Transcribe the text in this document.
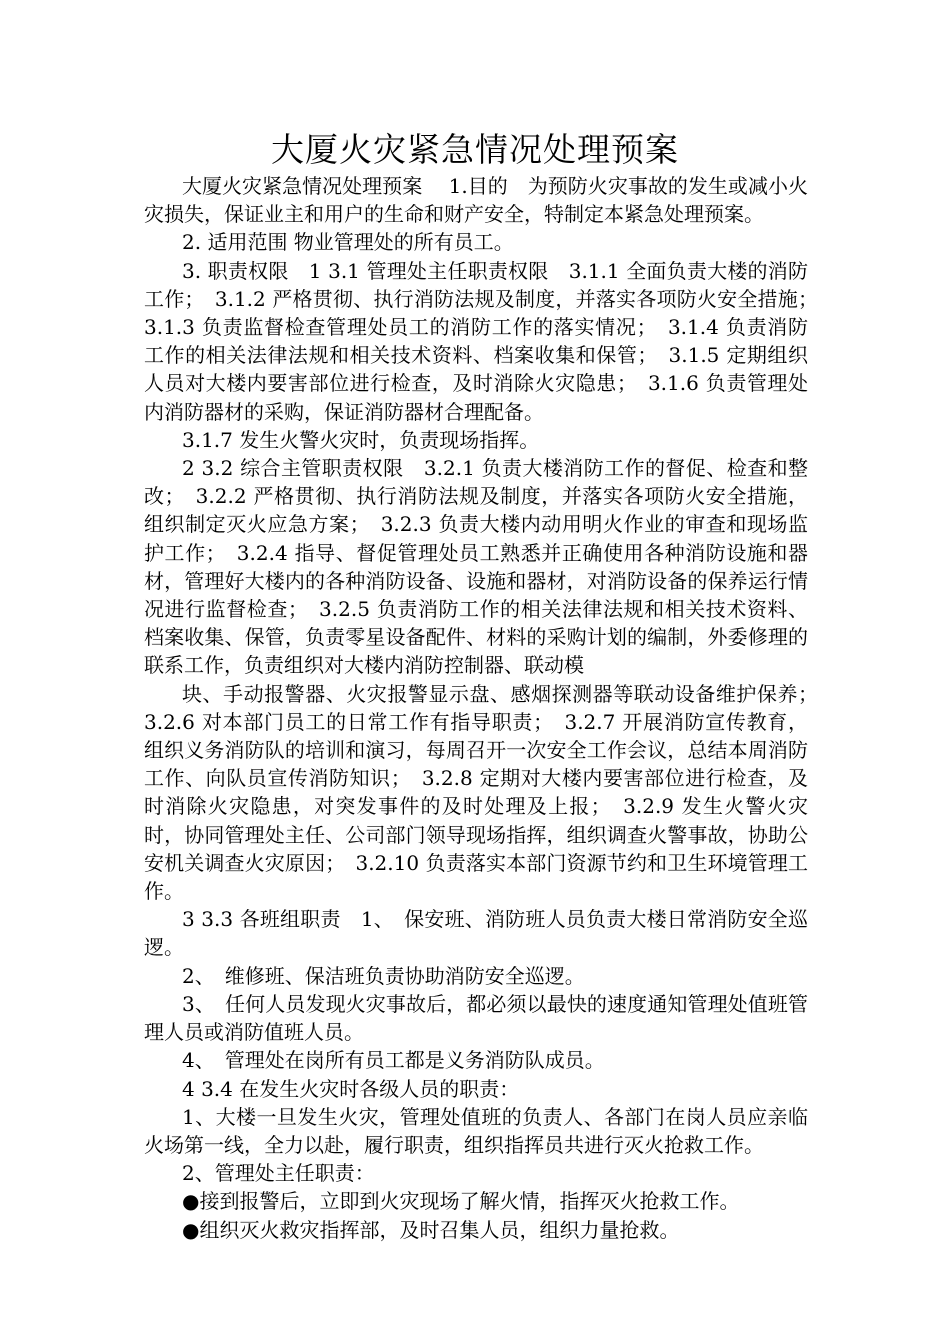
大厦火灾紧急情况处理预案

大厦火灾紧急情况处理预案　 1.目的　为预防火灾事故的发生或减小火灾损失，保证业主和用户的生命和财产安全，特制定本紧急处理预案。

2. 适用范围 物业管理处的所有员工。

3. 职责权限　1 3.1 管理处主任职责权限　3.1.1 全面负责大楼的消防工作；　3.1.2 严格贯彻、执行消防法规及制度，并落实各项防火安全措施；　3.1.3 负责监督检查管理处员工的消防工作的落实情况；　3.1.4 负责消防工作的相关法律法规和相关技术资料、档案收集和保管；　3.1.5 定期组织人员对大楼内要害部位进行检查，及时消除火灾隐患；　3.1.6 负责管理处内消防器材的采购，保证消防器材合理配备。

3.1.7 发生火警火灾时，负责现场指挥。

2 3.2 综合主管职责权限　3.2.1 负责大楼消防工作的督促、检查和整改；　3.2.2 严格贯彻、执行消防法规及制度，并落实各项防火安全措施，组织制定灭火应急方案；　3.2.3 负责大楼内动用明火作业的审查和现场监护工作；　3.2.4 指导、督促管理处员工熟悉并正确使用各种消防设施和器材，管理好大楼内的各种消防设备、设施和器材，对消防设备的保养运行情况进行监督检查；　3.2.5 负责消防工作的相关法律法规和相关技术资料、档案收集、保管，负责零星设备配件、材料的采购计划的编制，外委修理的联系工作，负责组织对大楼内消防控制器、联动模

块、手动报警器、火灾报警显示盘、感烟探测器等联动设备维护保养；　3.2.6 对本部门员工的日常工作有指导职责；　3.2.7 开展消防宣传教育，组织义务消防队的培训和演习，每周召开一次安全工作会议，总结本周消防工作、向队员宣传消防知识；　3.2.8 定期对大楼内要害部位进行检查，及时消除火灾隐患，对突发事件的及时处理及上报；　3.2.9 发生火警火灾时，协同管理处主任、公司部门领导现场指挥，组织调查火警事故，协助公安机关调查火灾原因；　3.2.10 负责落实本部门资源节约和卫生环境管理工作。

3 3.3 各班组职责　1、　保安班、消防班人员负责大楼日常消防安全巡逻。

2、　维修班、保洁班负责协助消防安全巡逻。

3、　任何人员发现火灾事故后，都必须以最快的速度通知管理处值班管理人员或消防值班人员。

4、　管理处在岗所有员工都是义务消防队成员。

4 3.4 在发生火灾时各级人员的职责：

1、大楼一旦发生火灾，管理处值班的负责人、各部门在岗人员应亲临火场第一线，全力以赴，履行职责，组织指挥员共进行灭火抢救工作。

2、管理处主任职责：

●接到报警后，立即到火灾现场了解火情，指挥灭火抢救工作。

●组织灭火救灾指挥部，及时召集人员，组织力量抢救。
